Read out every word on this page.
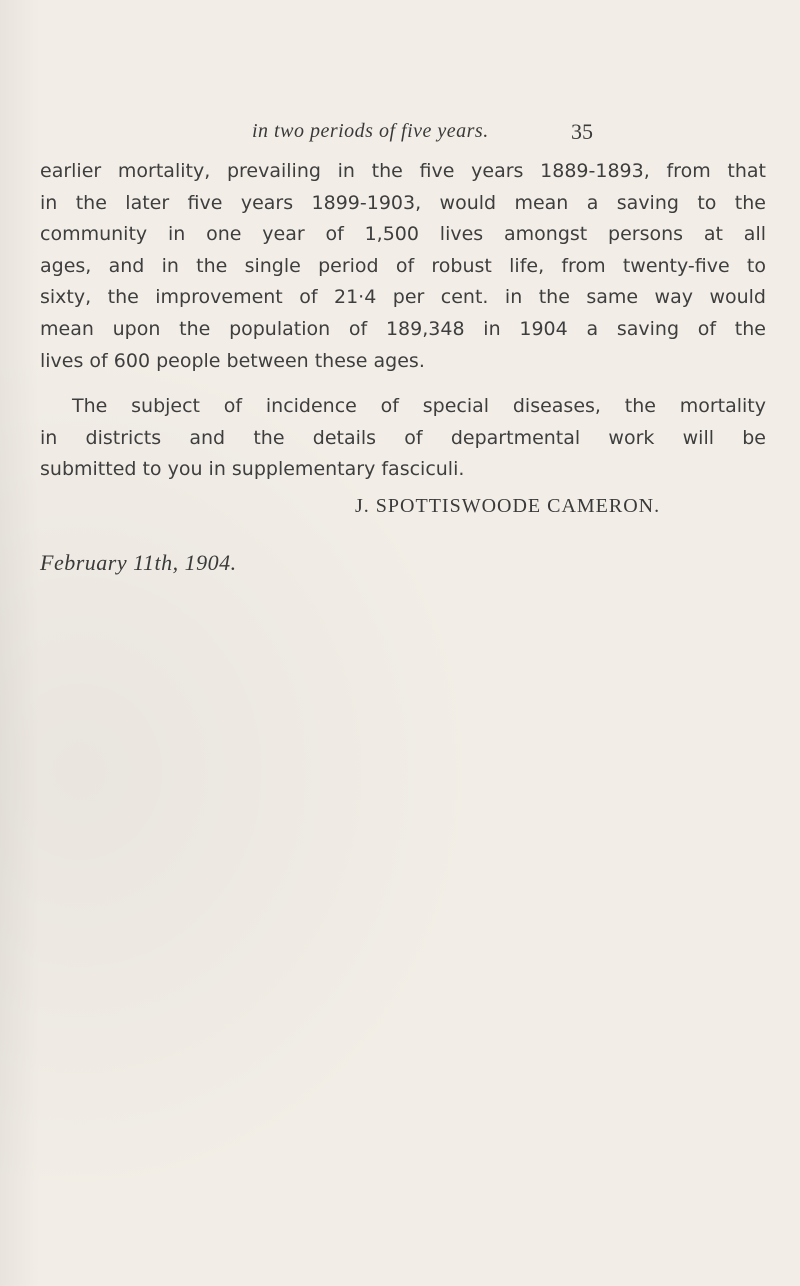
in two periods of five years.	35
earlier mortality, prevailing in the five years 1889-1893, from that
in the later five years 1899-1903, would mean a saving to the
community in one year of 1,500 lives amongst persons at all
ages, and in the single period of robust life, from twenty-five to
sixty, the improvement of 21·4 per cent. in the same way would
mean upon the population of 189,348 in 1904 a saving of the
lives of 600 people between these ages.
The subject of incidence of special diseases, the mortality
in districts and the details of departmental work will be
submitted to you in supplementary fasciculi.
J. SPOTTISWOODE CAMERON.
February 11th, 1904.
